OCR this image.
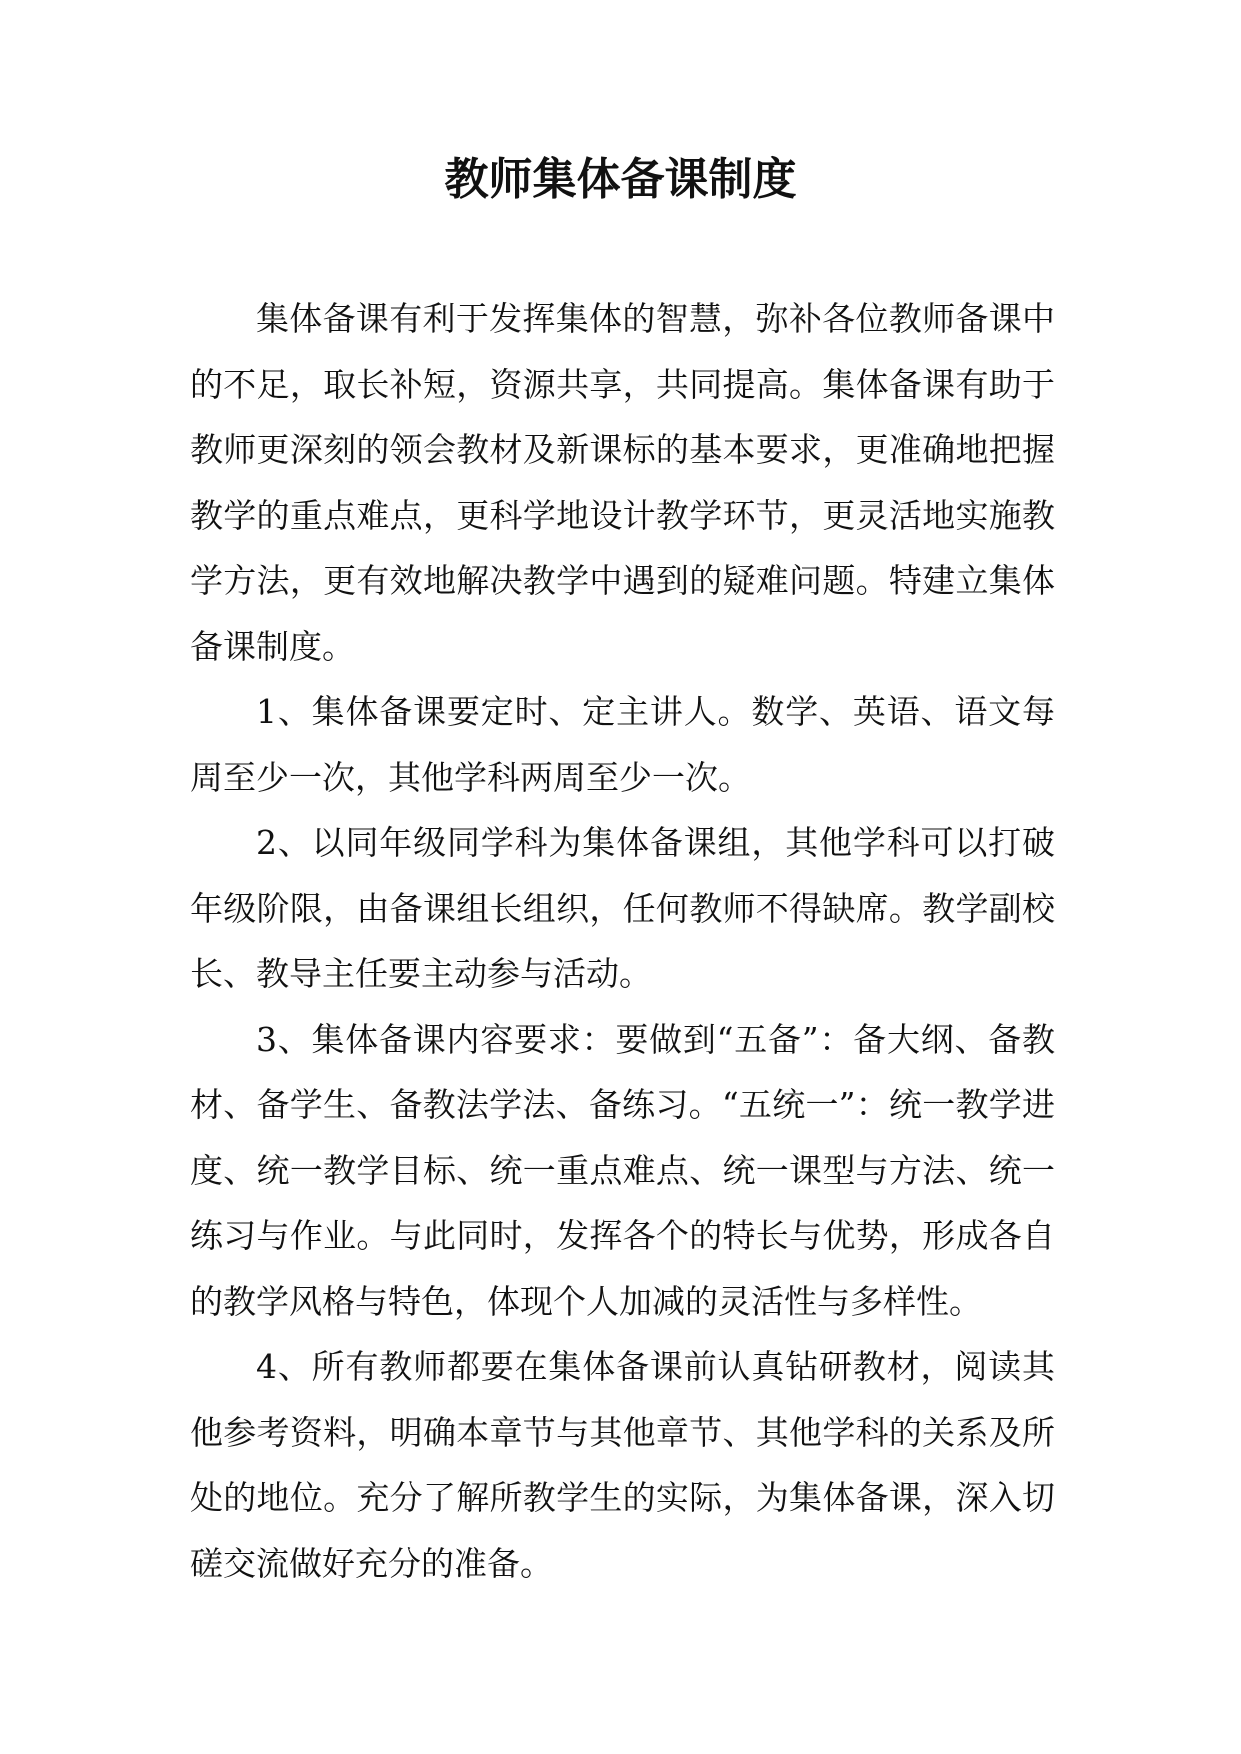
教师集体备课制度

集体备课有利于发挥集体的智慧，弥补各位教师备课中的不足，取长补短，资源共享，共同提高。集体备课有助于教师更深刻的领会教材及新课标的基本要求，更准确地把握教学的重点难点，更科学地设计教学环节，更灵活地实施教学方法，更有效地解决教学中遇到的疑难问题。特建立集体备课制度。

1、集体备课要定时、定主讲人。数学、英语、语文每周至少一次，其他学科两周至少一次。

2、以同年级同学科为集体备课组，其他学科可以打破年级阶限，由备课组长组织，任何教师不得缺席。教学副校长、教导主任要主动参与活动。

3、集体备课内容要求：要做到“五备”：备大纲、备教材、备学生、备教法学法、备练习。“五统一”：统一教学进度、统一教学目标、统一重点难点、统一课型与方法、统一练习与作业。与此同时，发挥各个的特长与优势，形成各自的教学风格与特色，体现个人加减的灵活性与多样性。

4、所有教师都要在集体备课前认真钻研教材，阅读其他参考资料，明确本章节与其他章节、其他学科的关系及所处的地位。充分了解所教学生的实际，为集体备课，深入切磋交流做好充分的准备。
